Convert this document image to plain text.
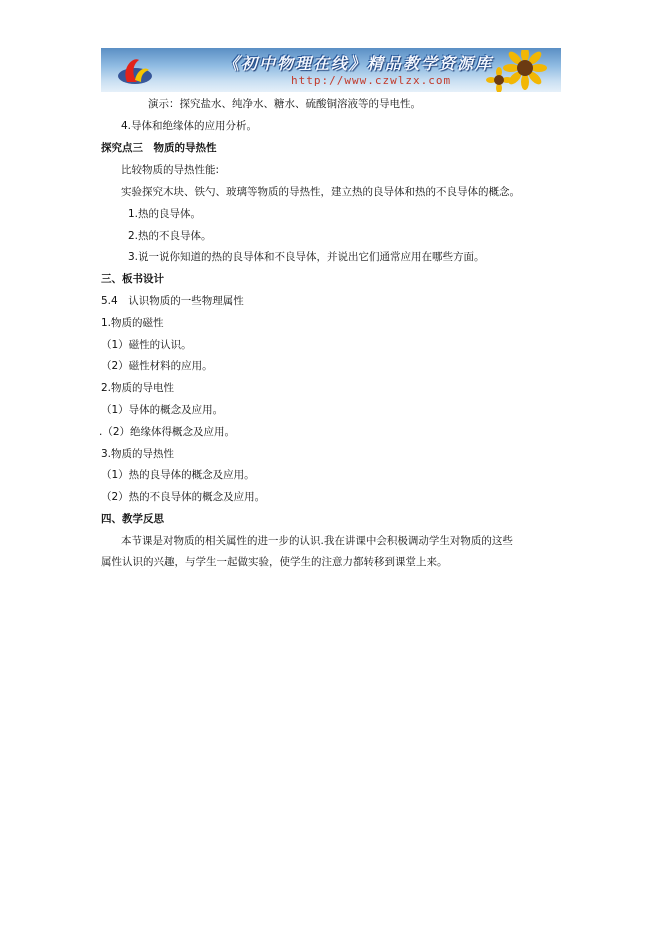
《初中物理在线》精品教学资源库
http://www.czwlzx.com
演示：探究盐水、纯净水、糖水、硫酸铜溶液等的导电性。
4.导体和绝缘体的应用分析。
探究点三　物质的导热性
比较物质的导热性能:
实验探究木块、铁勺、玻璃等物质的导热性，建立热的良导体和热的不良导体的概念。
1.热的良导体。
2.热的不良导体。
3.说一说你知道的热的良导体和不良导体，并说出它们通常应用在哪些方面。
三、板书设计
5.4　认识物质的一些物理属性
1.物质的磁性
（1）磁性的认识。
（2）磁性材料的应用。
2.物质的导电性
（1）导体的概念及应用。
.（2）绝缘体得概念及应用。
3.物质的导热性
（1）热的良导体的概念及应用。
（2）热的不良导体的概念及应用。
四、教学反思
本节课是对物质的相关属性的进一步的认识.我在讲课中会积极调动学生对物质的这些
属性认识的兴趣，与学生一起做实验，使学生的注意力都转移到课堂上来。
